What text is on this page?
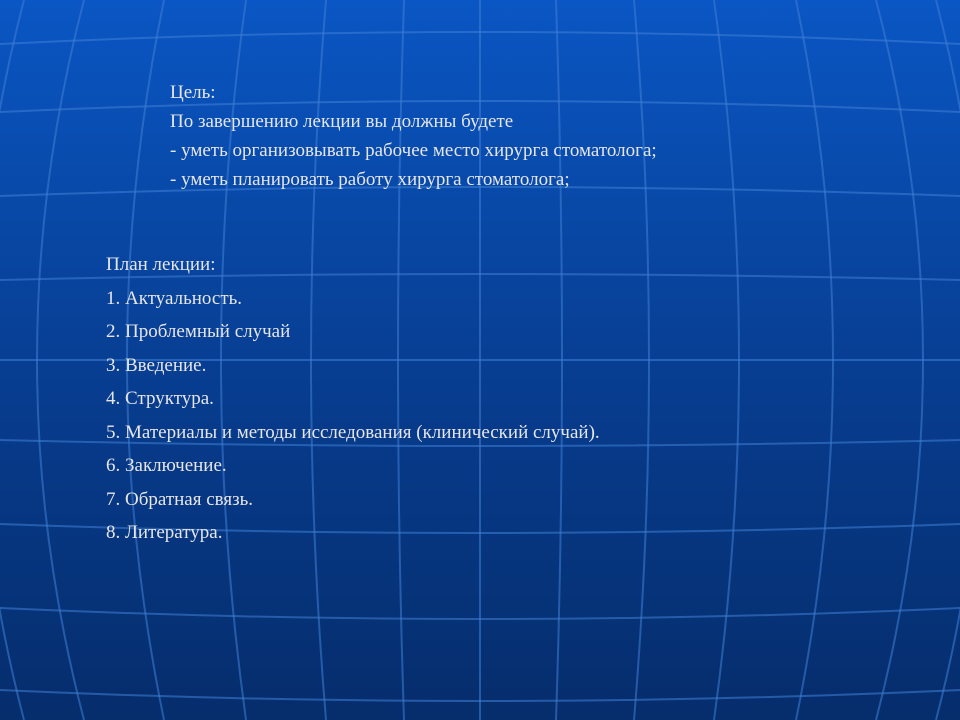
Цель:
По завершению лекции вы должны будете
- уметь организовывать рабочее место хирурга стоматолога;
- уметь планировать работу хирурга стоматолога;
План лекции:
1. Актуальность.
2. Проблемный случай
3. Введение.
4. Структура.
5. Материалы и методы исследования (клинический случай).
6. Заключение.
7. Обратная связь.
8. Литература.
